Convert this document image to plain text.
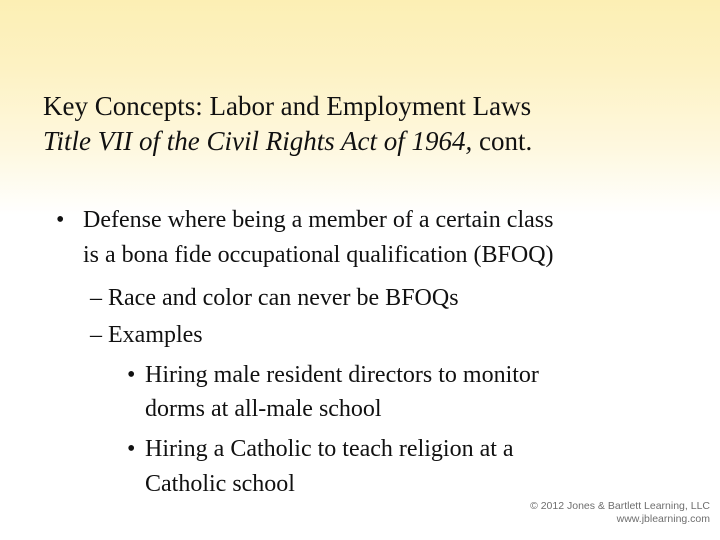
Key Concepts: Labor and Employment Laws
Title VII of the Civil Rights Act of 1964, cont.
• Defense where being a member of a certain class
is a bona fide occupational qualification (BFOQ)
– Race and color can never be BFOQs
– Examples
• Hiring male resident directors to monitor
dorms at all-male school
• Hiring a Catholic to teach religion at a
Catholic school
© 2012 Jones & Bartlett Learning, LLC
www.jblearning.com
